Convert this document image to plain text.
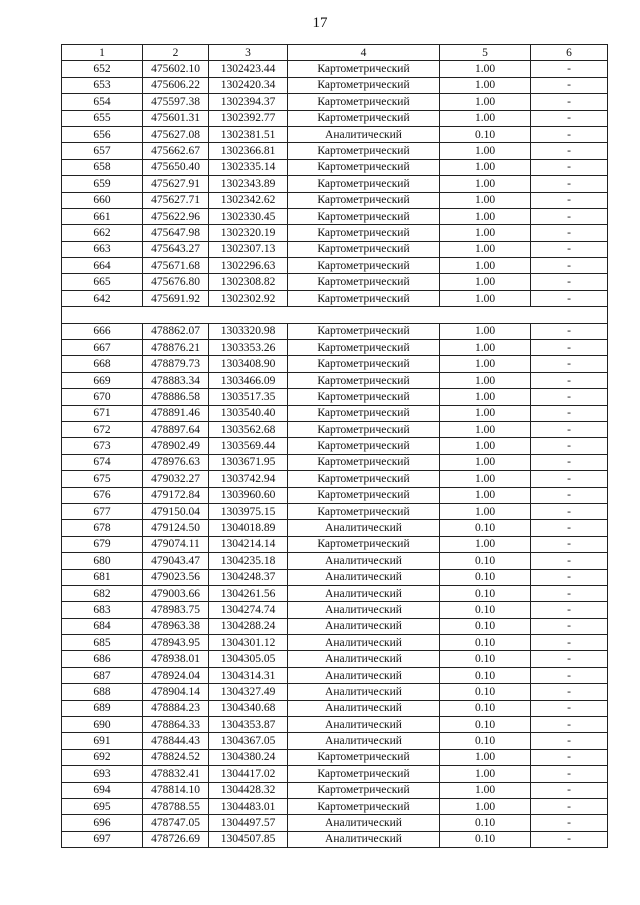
17
1	2	3	4	5	6
652	475602.10	1302423.44	Картометрический	1.00	-
653	475606.22	1302420.34	Картометрический	1.00	-
654	475597.38	1302394.37	Картометрический	1.00	-
655	475601.31	1302392.77	Картометрический	1.00	-
656	475627.08	1302381.51	Аналитический	0.10	-
657	475662.67	1302366.81	Картометрический	1.00	-
658	475650.40	1302335.14	Картометрический	1.00	-
659	475627.91	1302343.89	Картометрический	1.00	-
660	475627.71	1302342.62	Картометрический	1.00	-
661	475622.96	1302330.45	Картометрический	1.00	-
662	475647.98	1302320.19	Картометрический	1.00	-
663	475643.27	1302307.13	Картометрический	1.00	-
664	475671.68	1302296.63	Картометрический	1.00	-
665	475676.80	1302308.82	Картометрический	1.00	-
642	475691.92	1302302.92	Картометрический	1.00	-

666	478862.07	1303320.98	Картометрический	1.00	-
667	478876.21	1303353.26	Картометрический	1.00	-
668	478879.73	1303408.90	Картометрический	1.00	-
669	478883.34	1303466.09	Картометрический	1.00	-
670	478886.58	1303517.35	Картометрический	1.00	-
671	478891.46	1303540.40	Картометрический	1.00	-
672	478897.64	1303562.68	Картометрический	1.00	-
673	478902.49	1303569.44	Картометрический	1.00	-
674	478976.63	1303671.95	Картометрический	1.00	-
675	479032.27	1303742.94	Картометрический	1.00	-
676	479172.84	1303960.60	Картометрический	1.00	-
677	479150.04	1303975.15	Картометрический	1.00	-
678	479124.50	1304018.89	Аналитический	0.10	-
679	479074.11	1304214.14	Картометрический	1.00	-
680	479043.47	1304235.18	Аналитический	0.10	-
681	479023.56	1304248.37	Аналитический	0.10	-
682	479003.66	1304261.56	Аналитический	0.10	-
683	478983.75	1304274.74	Аналитический	0.10	-
684	478963.38	1304288.24	Аналитический	0.10	-
685	478943.95	1304301.12	Аналитический	0.10	-
686	478938.01	1304305.05	Аналитический	0.10	-
687	478924.04	1304314.31	Аналитический	0.10	-
688	478904.14	1304327.49	Аналитический	0.10	-
689	478884.23	1304340.68	Аналитический	0.10	-
690	478864.33	1304353.87	Аналитический	0.10	-
691	478844.43	1304367.05	Аналитический	0.10	-
692	478824.52	1304380.24	Картометрический	1.00	-
693	478832.41	1304417.02	Картометрический	1.00	-
694	478814.10	1304428.32	Картометрический	1.00	-
695	478788.55	1304483.01	Картометрический	1.00	-
696	478747.05	1304497.57	Аналитический	0.10	-
697	478726.69	1304507.85	Аналитический	0.10	-
